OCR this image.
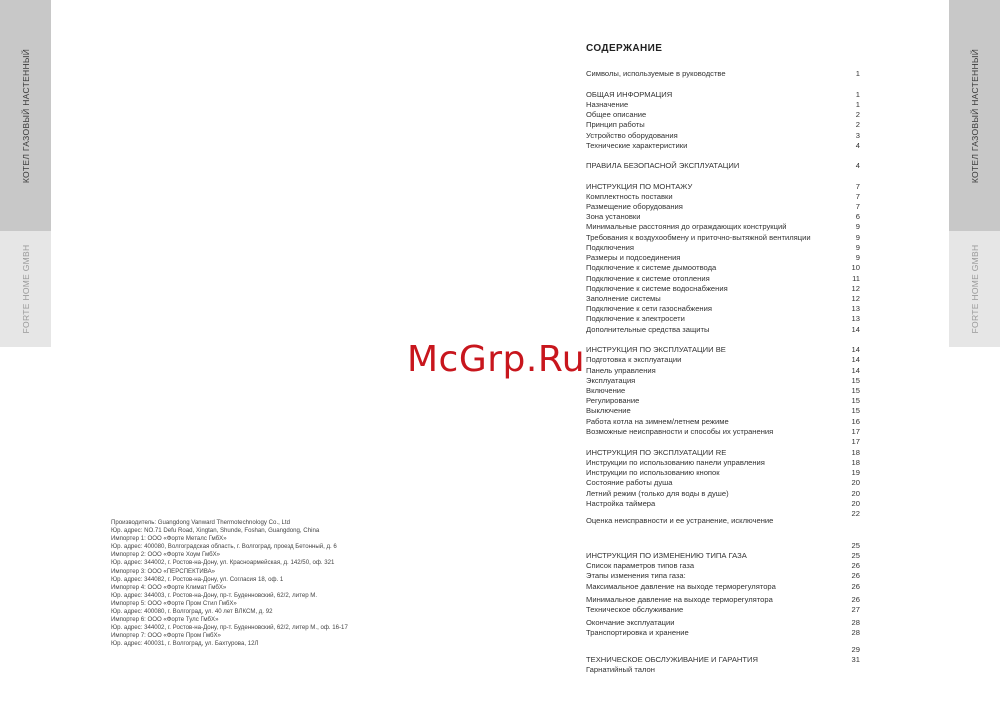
КОТЕЛ ГАЗОВЫЙ НАСТЕННЫЙ
FORTE HOME GMBH
КОТЕЛ ГАЗОВЫЙ НАСТЕННЫЙ
FORTE HOME GMBH
СОДЕРЖАНИЕ
Символы, используемые в руководстве	1
ОБЩАЯ ИНФОРМАЦИЯ	1
Назначение	1
Общее описание	2
Принцип работы	2
Устройство оборудования	3
Технические характеристики	4
ПРАВИЛА БЕЗОПАСНОЙ ЭКСПЛУАТАЦИИ	4
ИНСТРУКЦИЯ ПО МОНТАЖУ	7
Комплектность поставки	7
Размещение оборудования	7
Зона установки	6
Минимальные расстояния до ограждающих конструкций	9
Требования к воздухообмену и приточно-вытяжной вентиляции	9
Подключения	9
Размеры и подсоединения	9
Подключение к системе дымоотвода	10
Подключение к системе отопления	11
Подключение к системе водоснабжения	12
Заполнение системы	12
Подключение к сети газоснабжения	13
Подключение к электросети	13
Дополнительные средства защиты	14
ИНСТРУКЦИЯ ПО ЭКСПЛУАТАЦИИ BE	14
Подготовка к эксплуатации	14
Панель управления	14
Эксплуатация	15
Включение	15
Регулирование	15
Выключение	15
Работа котла на зимнем/летнем режиме	16
Возможные неисправности и способы их устранения	17
17
ИНСТРУКЦИЯ ПО ЭКСПЛУАТАЦИИ RE	18
Инструкции по использованию панели управления	18
Инструкции по использованию кнопок	19
Состояние работы душа	20
Летний режим (только для воды в душе)	20
Настройка таймера	20
22
Оценка неисправности и ее устранение, исключение
25
ИНСТРУКЦИЯ ПО ИЗМЕНЕНИЮ ТИПА ГАЗА	25
Список параметров типов газа	26
Этапы изменения типа газа:	26
Максимальное давление на выходе терморегулятора	26
Минимальное давление на выходе терморегулятора	26
Техническое обслуживание	27
Окончание эксплуатации	28
Транспортировка и хранение	28
29
ТЕХНИЧЕСКОЕ ОБСЛУЖИВАНИЕ И ГАРАНТИЯ	31
Гарнатийный талон
Производитель: Guangdong Vanward Thermotechnology Co., Ltd
Юр. адрес: NO.71 Defu Road, Xingtan, Shunde, Foshan, Guangdong, China
Импортер 1: ООО «Форте Металс ГмбХ»
Юр. адрес: 400080, Волгоградская область, г. Волгоград, проезд Бетонный, д. 6
Импортер 2: ООО «Форте Хоум ГмбХ»
Юр. адрес: 344002, г. Ростов-на-Дону, ул. Красноармейская, д. 142/50, оф. 321
Импортер 3: ООО «ПЕРСПЕКТИВА»
Юр. адрес: 344082, г. Ростов-на-Дону, ул. Согласия 18, оф. 1
Импортер 4: ООО «Форте Климат ГмбХ»
Юр. адрес: 344003, г. Ростов-на-Дону, пр-т. Буденновский, 62/2, литер М.
Импортер 5: ООО «Форте Пром Стил ГмбХ»
Юр. адрес: 400080, г. Волгоград, ул. 40 лет ВЛКСМ, д. 92
Импортер 6: ООО «Форте Тулс ГмбХ»
Юр. адрес: 344002, г. Ростов-на-Дону, пр-т. Буденновский, 62/2, литер М., оф. 16-17
Импортер 7: ООО «Форте Пром ГмбХ»
Юр. адрес: 400031, г. Волгоград, ул. Бахтурова, 12Л
McGrp.Ru
